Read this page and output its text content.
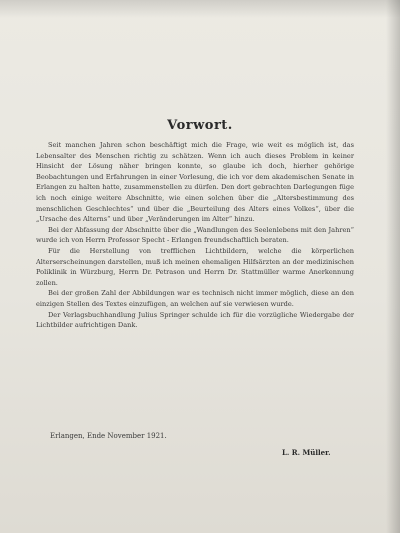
Vorwort.

Seit manchen Jahren schon beschäftigt mich die Frage, wie weit es möglich ist, das Lebensalter des Menschen richtig zu schätzen. Wenn ich auch dieses Problem in keiner Hinsicht der Lösung näher bringen konnte, so glaube ich doch, hierher gehörige Beobachtungen und Erfahrungen in einer Vorlesung, die ich vor dem akademischen Senate in Erlangen zu halten hatte, zusammenstellen zu dürfen. Den dort gebrachten Darlegungen füge ich noch einige weitere Abschnitte, wie einen solchen über die „Altersbestimmung des menschlichen Geschlechtes“ und über die „Beurteilung des Alters eines Volkes“, über die „Ursache des Alterns“ und über „Veränderungen im Alter“ hinzu.

Bei der Abfassung der Abschnitte über die „Wandlungen des Seelenlebens mit den Jahren“ wurde ich von Herrn Professor Specht - Erlangen freundschaftlich beraten.

Für die Herstellung von trefflichen Lichtbildern, welche die körperlichen Alterserscheinungen darstellen, muß ich meinen ehemaligen Hilfsärzten an der medizinischen Poliklinik in Würzburg, Herrn Dr. Petrason und Herrn Dr. Stattmüller warme Anerkennung zollen.

Bei der großen Zahl der Abbildungen war es technisch nicht immer möglich, diese an den einzigen Stellen des Textes einzufügen, an welchen auf sie verwiesen wurde.

Der Verlagsbuchhandlung Julius Springer schulde ich für die vorzügliche Wiedergabe der Lichtbilder aufrichtigen Dank.

Erlangen, Ende November 1921.
L. R. Müller.
